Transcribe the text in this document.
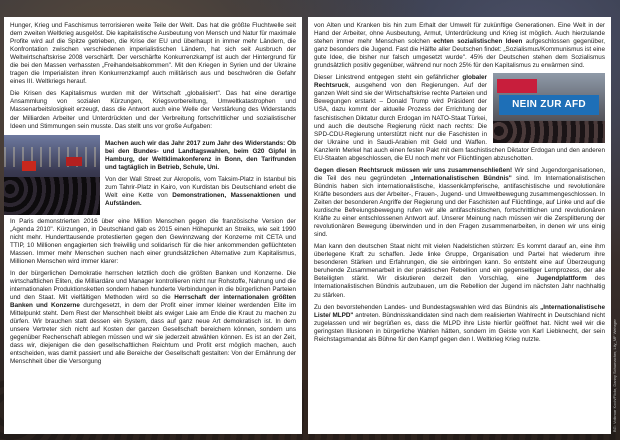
Hunger, Krieg und Faschismus terrorisieren weite Teile der Welt. Das hat die größte Fluchtwelle seit dem zweiten Weltkrieg ausgelöst. Die kapitalistische Ausbeutung von Mensch und Natur für maximale Profite wird auf die Spitze getrieben, die Krise der EU und überhaupt in immer mehr Ländern, die Konfrontation zwischen verschiedenen imperialistischen Ländern, hat sich seit Ausbruch der Weltwirtschaftskrise 2008 verschärft. Der verschärfte Konkurrenzkampf ist auch der Hintergrund für die bei den Massen verhassten „Freihandelsabkommen". Mit den Kriegen in Syrien und der Ukraine tragen die Imperialisten ihren Konkurrenzkampf auch militärisch aus und beschwören die Gefahr eines III. Weltkriegs herauf.

Die Krisen des Kapitalismus wurden mit der Wirtschaft „globalisiert". Das hat eine derartige Ansammlung von sozialen Kürzungen, Kriegsvorbereitung, Umweltkatastrophen und Massenarbeitslosigkeit erzeugt, dass die Antwort auch eine Welle der Verstärkung des Widerstands der Milliarden Arbeiter und Unterdrückten und der Verbreitung fortschrittlicher und sozialistischer Ideen und Stimmungen sein musste. Das stellt uns vor große Aufgaben:

Machen auch wir das Jahr 2017 zum Jahr des Widerstands: Ob bei den Bundes- und Landtagswahlen, beim G20 Gipfel in Hamburg, der Weltklimakonferenz in Bonn, den Tarifrunden und tagtäglich in Betrieb, Schule, Uni.

Von der Wall Street zur Akropolis, vom Taksim-Platz in Istanbul bis zum Tahrir-Platz in Kairo, von Kurdistan bis Deutschland erlebt die Welt eine Kette von Demonstrationen, Massenaktionen und Aufständen.

In Paris demonstrierten 2016 über eine Million Menschen gegen die französische Version der „Agenda 2010". Kürzungen, in Deutschland gab es 2015 einen Höhepunkt an Streiks, wie seit 1990 nicht mehr. Hunderttausende protestierten gegen den Gewinnzwang der Konzerne mit CETA und TTIP, 10 Millionen engagierten sich freiwillig und solidarisch für die hier ankommenden geflüchteten Massen. Immer mehr Menschen suchen nach einer grundsätzlichen Alternative zum Kapitalismus, Millionen Menschen wird immer klarer:

In der bürgerlichen Demokratie herrschen letztlich doch die größten Banken und Konzerne. Die wirtschaftlichen Eliten, die Milliardäre und Manager kontrollieren nicht nur Rohstoffe, Nahrung und die internationalen Produktionsketten sondern haben hunderte Verbindungen in die bürgerlichen Parteien und den Staat. Mit vielfältigen Methoden wird so die Herrschaft der internationalen größten Banken und Konzerne durchgesetzt, in dem der Profit einer immer kleiner werdenden Elite im Mittelpunkt steht. Dem Rest der Menschheit bleibt als ewiger Laie am Ende die Kraut zu machen zu dürfen. Wir brauchen statt dessen ein System, dass auf ganz neue Art demokratisch ist. In dem unsere Vertreter sich nicht auf Kosten der ganzen Gesellschaft bereichern können, sondern uns gegenüber Rechenschaft ablegen müssen und wir sie jederzeit abwählen können. Es ist an der Zeit, dass wir, diejenigen die den gesellschaftlichen Reichtum und Profit erst möglich machen, auch entscheiden, was damit passiert und alle Bereiche der Gesellschaft gestalten: Von der Ernährung der Menschheit über die Versorgung

von Alten und Kranken bis hin zum Erhalt der Umwelt für zukünftige Generationen. Eine Welt in der Hand der Arbeiter, ohne Ausbeutung, Armut, Unterdrückung und Krieg ist möglich. Auch hierzulande stehen immer mehr Menschen solchen echten sozialistischen Ideen aufgeschlossen gegenüber, ganz besonders die Jugend. Fast die Hälfte aller Deutschen findet: „Sozialismus/Kommunismus ist eine gute Idee, die bisher nur falsch umgesetzt wurde". 45% der Deutschen stehen dem Sozialismus grundsätzlich positiv gegenüber, während nur noch 25% für den Kapitalismus zu erwärmen sind.

NEIN ZUR AFD

Dieser Linkstrend entgegen steht ein gefährlicher globaler Rechtsruck, ausgehend von den Regierungen. Auf der ganzen Welt sind sie der Wirtschaftskrise rechte Parteien und Bewegungen erstarkt – Donald Trump wird Präsident der USA, dazu kommt der aktuelle Prozess der Errichtung der faschistischen Diktatur durch Erdogan im NATO-Staat Türkei, und auch die deutsche Regierung rückt nach rechts: Die SPD-CDU-Regierung unterstützt nicht nur die Faschisten in der Ukraine und in Saudi-Arabien mit Geld und Waffen. Kanzlerin Merkel hat auch einen festen Pakt mit dem faschistischen Diktator Erdogan und den anderen EU-Staaten abgeschlossen, die EU noch mehr vor Flüchtlingen abzuschotten.

Gegen diesen Rechtsruck müssen wir uns zusammenschließen! Wir sind Jugendorganisationen, die Teil des neu gegründeten „Internationalistischen Bündnis" sind. Im Internationalistischen Bündnis haben sich internationalistische, klassenkämpferische, antifaschistische und revolutionäre Kräfte besonders aus der Arbeiter-, Frauen-, Jugend- und Umweltbewegung zusammengeschlossen. In Zeiten der besonderen Angriffe der Regierung und der Faschisten auf Flüchtlinge, auf Linke und auf die kurdische Befreiungsbewegung rufen wir alle antifaschistischen, fortschrittlichen und revolutionären Kräfte zu einer entschlossenen Antwort auf. Unserer Meinung nach müssen wir die Zersplitterung der revolutionären Bewegung überwinden und in den Fragen zusammenarbeiten, in denen wir uns einig sind.

Man kann den deutschen Staat nicht mit vielen Nadelstichen stürzen: Es kommt darauf an, eine ihm überlegene Kraft zu schaffen. Jede linke Gruppe, Organisation und Partei hat wiederum ihre besonderen Stärken und Erfahrungen, die sie einbringen kann. So entsteht eine auf Überzeugung beruhende Zusammenarbeit in der praktischen Rebellion und ein gegenseitiger Lernprozess, der alle Beteiligten stärkt. Wir diskutieren derzeit den Vorschlag, eine Jugendplattform des Internationalistischen Bündnis aufzubauen, um die Rebellion der Jugend im nächsten Jahr nachhaltig zu stärken.

Zu den bevorstehenden Landes- und Bundestagswahlen wird das Bündnis als „Internationalistische Liste/ MLPD" antreten. Bündnisskandidaten sind nach dem realisierten Wahlrecht in Deutschland nicht zugelassen und wir begrüßen es, dass die MLPD ihre Liste hierfür geöffnet hat. Nicht weil wir die geringsten Illusionen in bürgerliche Wahlen hätten, sondern im Geiste von Karl Liebknecht, der sein Reichstagsmandat als Bühne für den Kampf gegen den I. Weltkrieg Krieg nutzte.	BG: Volkmar Koch/Flickr, Danny Schumacher, Lily_MF Wehrger
